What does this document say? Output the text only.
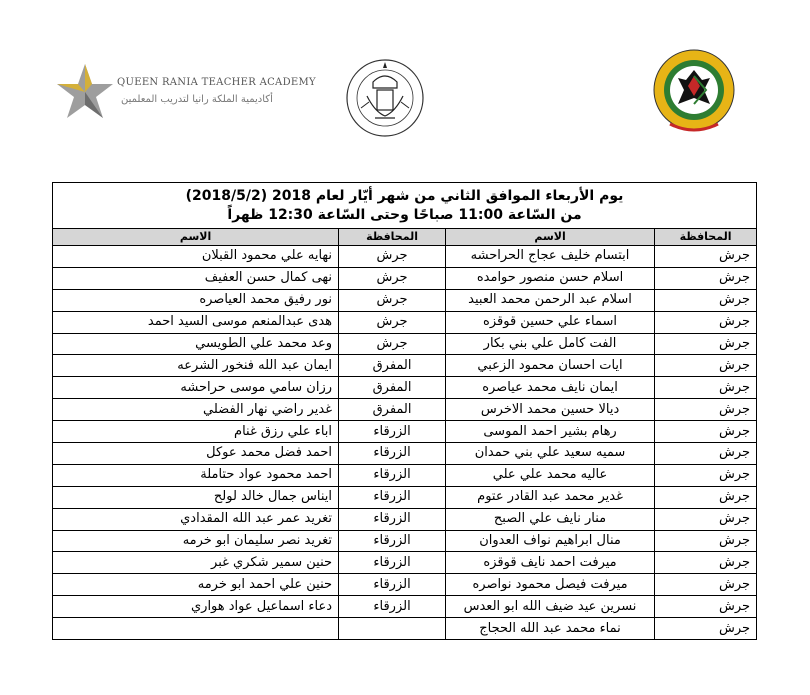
QUEEN RANIA TEACHER ACADEMY
أكاديمية الملكة رانيا لتدريب المعلمين
يوم الأربعاء الموافق الثاني من شهر أيّار لعام 2018 (2018/5/2)
من السّاعة 11:00 صباحًا وحتى السّاعة 12:30 ظهراً			

المحافظة	الاسم	المحافظة	الاسم
جرش	ابتسام خليف عجاج الحراحشه	جرش	نهايه علي محمود القبلان
جرش	اسلام حسن منصور حوامده	جرش	نهى كمال حسن العفيف
جرش	اسلام عبد الرحمن محمد العبيد	جرش	نور رفيق محمد العياصره
جرش	اسماء علي حسين قوقزه	جرش	هدى عبدالمنعم موسى السيد احمد
جرش	الفت كامل علي بني بكار	جرش	وعد محمد علي الطويسي
جرش	ايات احسان محمود الزعبي	المفرق	ايمان عبد الله فنخور الشرعه
جرش	ايمان نايف محمد عياصره	المفرق	رزان سامي موسى حراحشه
جرش	ديالا حسين محمد الاخرس	المفرق	غدير راضي نهار الفضلي
جرش	رهام بشير احمد الموسى	الزرقاء	اباء علي رزق غنام
جرش	سميه سعيد علي بني حمدان	الزرقاء	احمد فضل محمد عوكل
جرش	عاليه محمد علي علي	الزرقاء	احمد محمود عواد حتاملة
جرش	غدير محمد عبد القادر عتوم	الزرقاء	ايناس جمال خالد لولح
جرش	منار نايف علي الصبح	الزرقاء	تغريد عمر عبد الله المقدادي
جرش	منال ابراهيم نواف العدوان	الزرقاء	تغريد نصر سليمان ابو خرمه
جرش	ميرفت احمد نايف قوقزه	الزرقاء	حنين سمير شكري غبر
جرش	ميرفت فيصل محمود نواصره	الزرقاء	حنين علي احمد ابو خرمه
جرش	نسرين عيد ضيف الله ابو العدس	الزرقاء	دعاء اسماعيل عواد هواري
جرش	نماء محمد عبد الله الحجاج		
